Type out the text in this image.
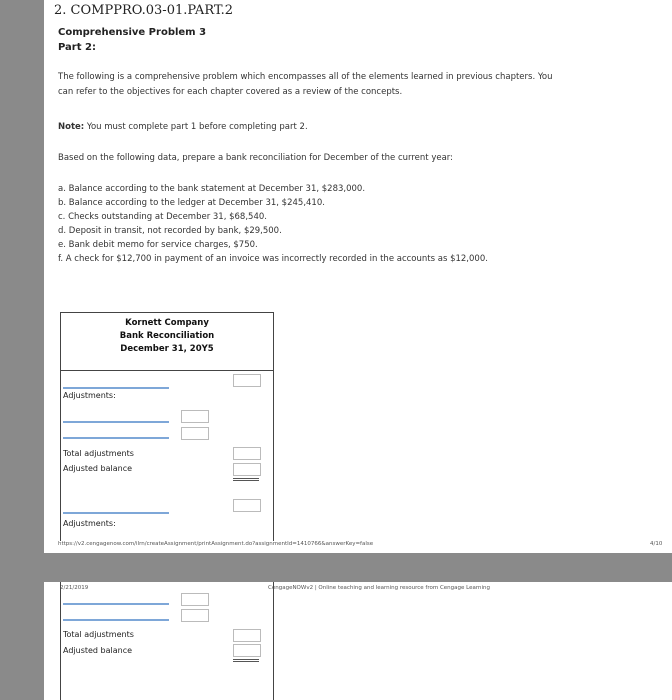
2. COMPPRO.03-01.PART.2
Comprehensive Problem 3
Part 2:
The following is a comprehensive problem which encompasses all of the elements learned in previous chapters. You
can refer to the objectives for each chapter covered as a review of the concepts.
Note: You must complete part 1 before completing part 2.
Based on the following data, prepare a bank reconciliation for December of the current year:
a. Balance according to the bank statement at December 31, $283,000.
b. Balance according to the ledger at December 31, $245,410.
c. Checks outstanding at December 31, $68,540.
d. Deposit in transit, not recorded by bank, $29,500.
e. Bank debit memo for service charges, $750.
f. A check for $12,700 in payment of an invoice was incorrectly recorded in the accounts as $12,000.
Kornett Company
Bank Reconciliation
December 31, 20Y5
Adjustments:
Total adjustments
Adjusted balance
Adjustments:
https://v2.cengagenow.com/ilrn/createAssignment/printAssignment.do?assignmentId=1410766&answerKey=false	4/10
2/21/2019	CengageNOWv2 | Online teaching and learning resource from Cengage Learning
Total adjustments
Adjusted balance
